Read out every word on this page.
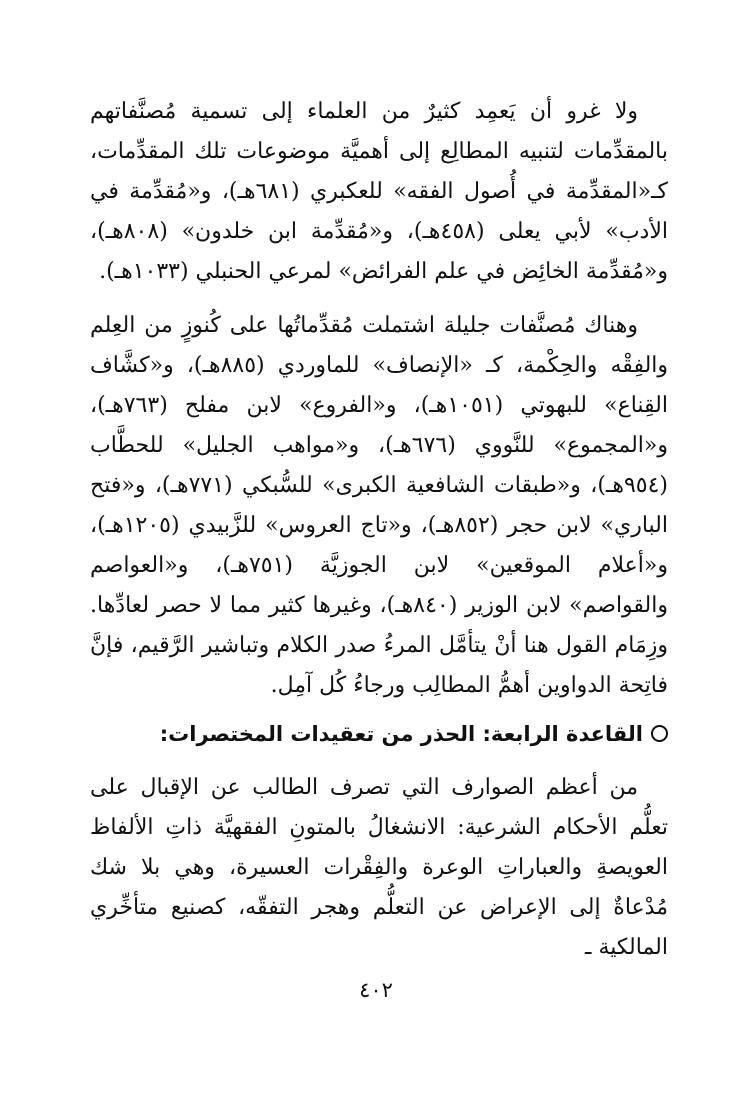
ولا غرو أن يَعمِد كثيرٌ من العلماء إلى تسمية مُصنَّفاتهم بالمقدِّمات لتنبيه المطالِع إلى أهميَّة موضوعات تلك المقدِّمات، كـ«المقدِّمة في أُصول الفقه» للعكبري (٦٨١هـ)، و«مُقدِّمة في الأدب» لأبي يعلى (٤٥٨هـ)، و«مُقدِّمة ابن خلدون» (٨٠٨هـ)، و«مُقدِّمة الخائِض في علم الفرائض» لمرعي الحنبلي (١٠٣٣هـ).

وهناك مُصنَّفات جليلة اشتملت مُقدِّماتُها على كُنوزٍ من العِلم والفِقْه والحِكْمة، كـ «الإنصاف» للماوردي (٨٨٥هـ)، و«كشَّاف القِناع» للبهوتي (١٠٥١هـ)، و«الفروع» لابن مفلح (٧٦٣هـ)، و«المجموع» للنَّووي (٦٧٦هـ)، و«مواهب الجليل» للحطَّاب (٩٥٤هـ)، و«طبقات الشافعية الكبرى» للسُّبكي (٧٧١هـ)، و«فتح الباري» لابن حجر (٨٥٢هـ)، و«تاج العروس» للزَّبيدي (١٢٠٥هـ)، و«أعلام الموقعين» لابن الجوزيَّة (٧٥١هـ)، و«العواصم والقواصم» لابن الوزير (٨٤٠هـ)، وغيرها كثير مما لا حصر لعادِّها. وزِمَام القول هنا أنْ يتأمَّل المرءُ صدر الكلام وتباشير الرَّقيم، فإنَّ فاتِحة الدواوين أهمُّ المطالِب ورجاءُ كُل آمِل.

القاعدة الرابعة: الحذر من تعقيدات المختصرات:

من أعظم الصوارف التي تصرف الطالب عن الإقبال على تعلُّم الأحكام الشرعية: الانشغالُ بالمتونِ الفقهيَّة ذاتِ الألفاظ العويصةِ والعباراتِ الوعرة والفِقْرات العسيرة، وهي بلا شك مُدْعاةٌ إلى الإعراض عن التعلُّم وهجر التفقّه، كصنيع متأخِّري المالكية ـ

٤٠٢
